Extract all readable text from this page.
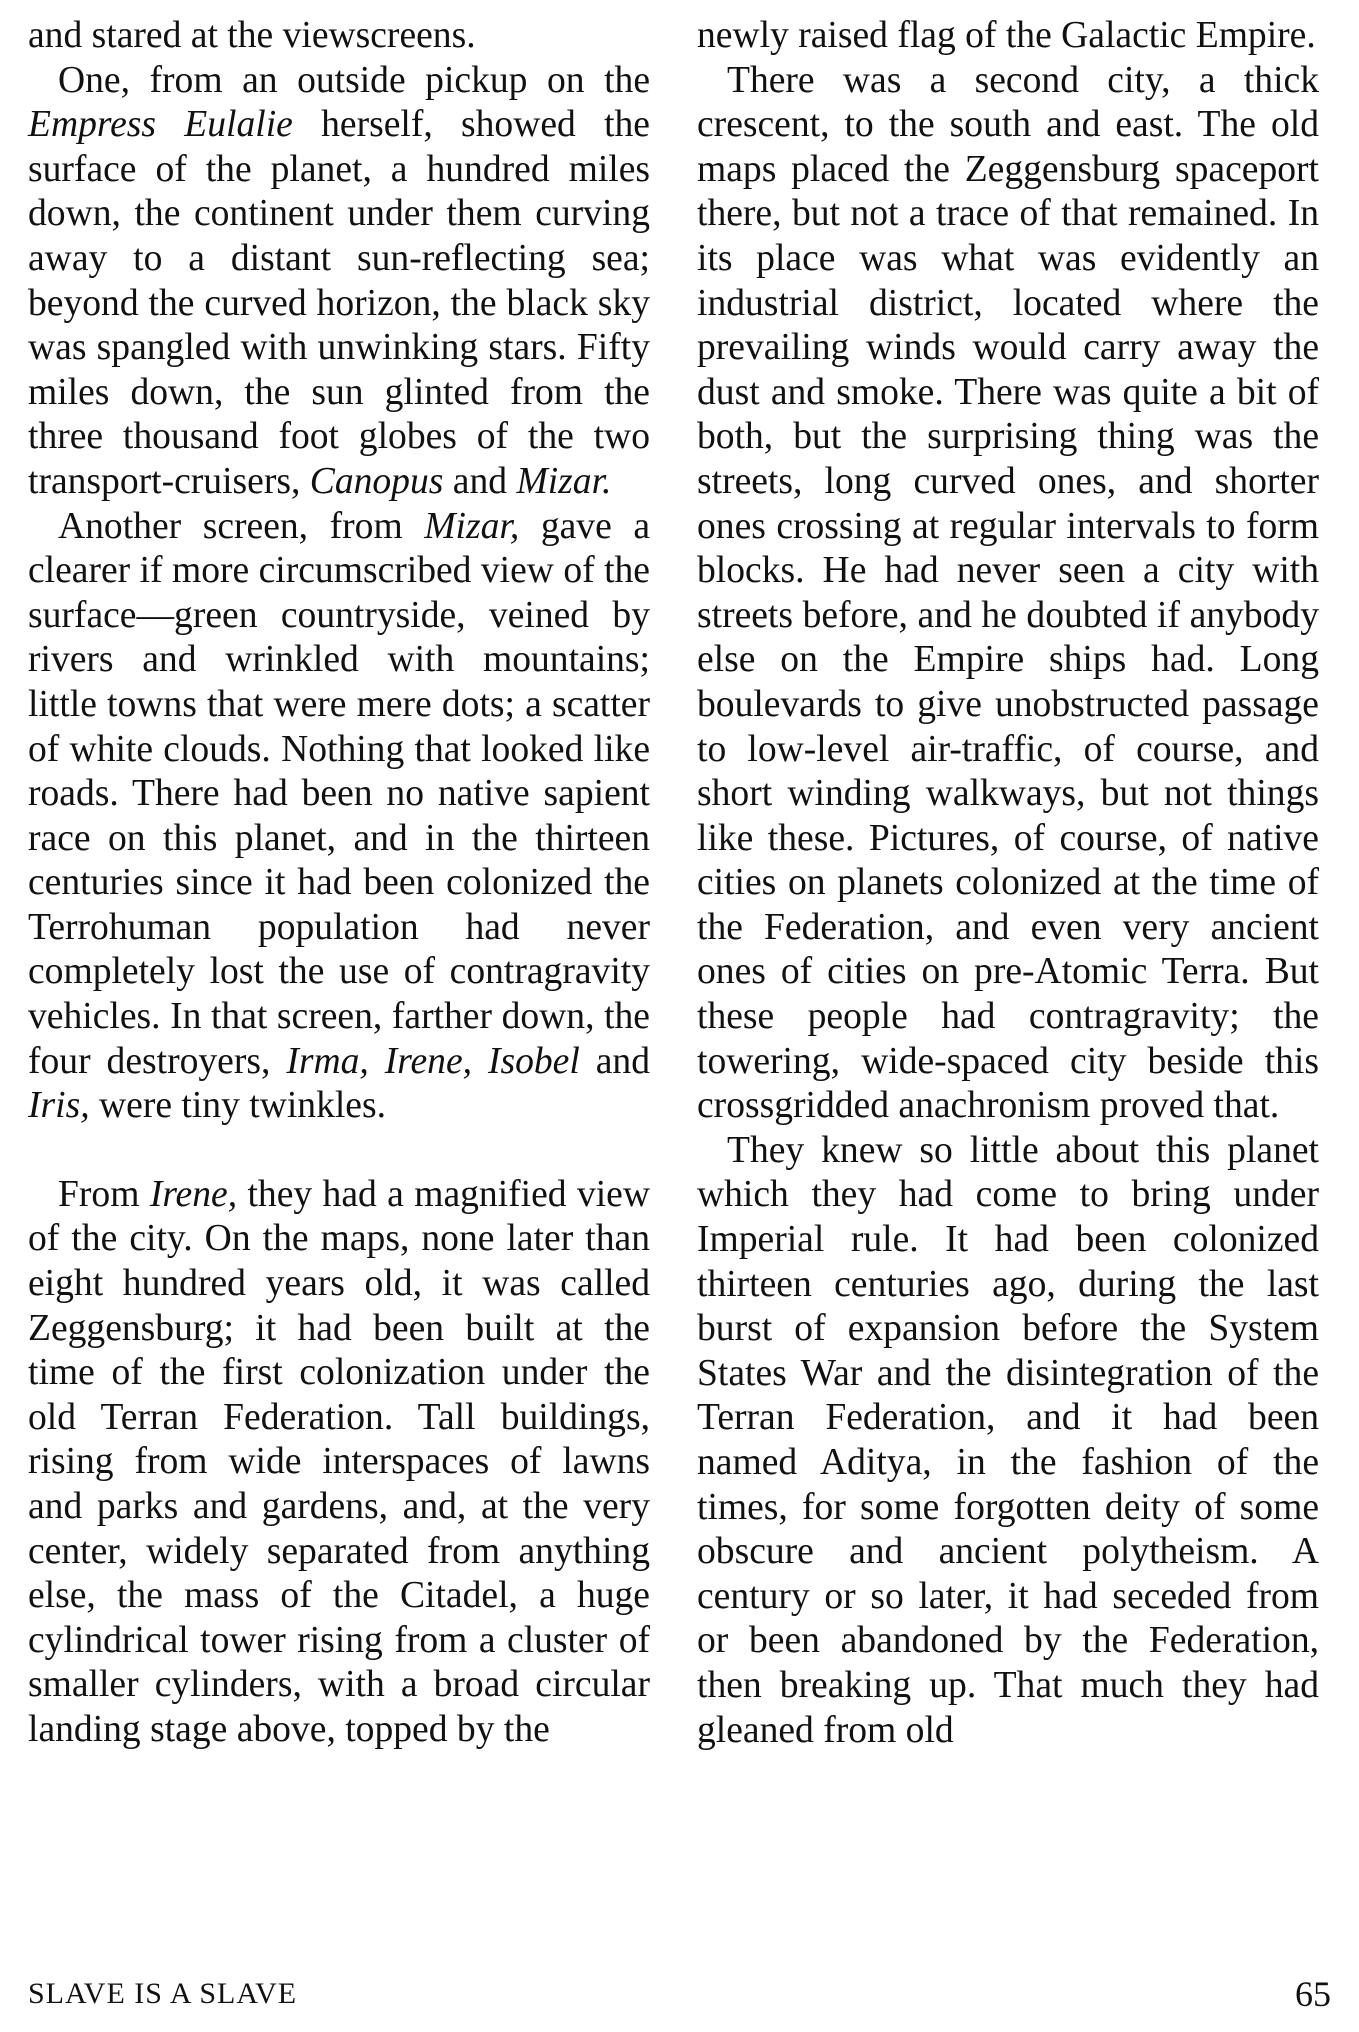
and stared at the viewscreens.

One, from an outside pickup on the Empress Eulalie herself, showed the surface of the planet, a hundred miles down, the continent under them curving away to a distant sun-reflecting sea; beyond the curved horizon, the black sky was spangled with unwinking stars. Fifty miles down, the sun glinted from the three thousand foot globes of the two transport-cruisers, Canopus and Mizar.

Another screen, from Mizar, gave a clearer if more circumscribed view of the surface—green countryside, veined by rivers and wrinkled with mountains; little towns that were mere dots; a scatter of white clouds. Nothing that looked like roads. There had been no native sapient race on this planet, and in the thirteen centuries since it had been colonized the Terrohuman population had never completely lost the use of contragravity vehicles. In that screen, farther down, the four destroyers, Irma, Irene, Isobel and Iris, were tiny twinkles.

From Irene, they had a magnified view of the city. On the maps, none later than eight hundred years old, it was called Zeggensburg; it had been built at the time of the first colonization under the old Terran Federation. Tall buildings, rising from wide interspaces of lawns and parks and gardens, and, at the very center, widely separated from anything else, the mass of the Citadel, a huge cylindrical tower rising from a cluster of smaller cylinders, with a broad circular landing stage above, topped by the

newly raised flag of the Galactic Empire.

There was a second city, a thick crescent, to the south and east. The old maps placed the Zeggensburg spaceport there, but not a trace of that remained. In its place was what was evidently an industrial district, located where the prevailing winds would carry away the dust and smoke. There was quite a bit of both, but the surprising thing was the streets, long curved ones, and shorter ones crossing at regular intervals to form blocks. He had never seen a city with streets before, and he doubted if anybody else on the Empire ships had. Long boulevards to give unobstructed passage to low-level air-traffic, of course, and short winding walkways, but not things like these. Pictures, of course, of native cities on planets colonized at the time of the Federation, and even very ancient ones of cities on pre-Atomic Terra. But these people had contragravity; the towering, wide-spaced city beside this crossgridded anachronism proved that.

They knew so little about this planet which they had come to bring under Imperial rule. It had been colonized thirteen centuries ago, during the last burst of expansion before the System States War and the disintegration of the Terran Federation, and it had been named Aditya, in the fashion of the times, for some forgotten deity of some obscure and ancient polytheism. A century or so later, it had seceded from or been abandoned by the Federation, then breaking up. That much they had gleaned from old

SLAVE IS A SLAVE	65
